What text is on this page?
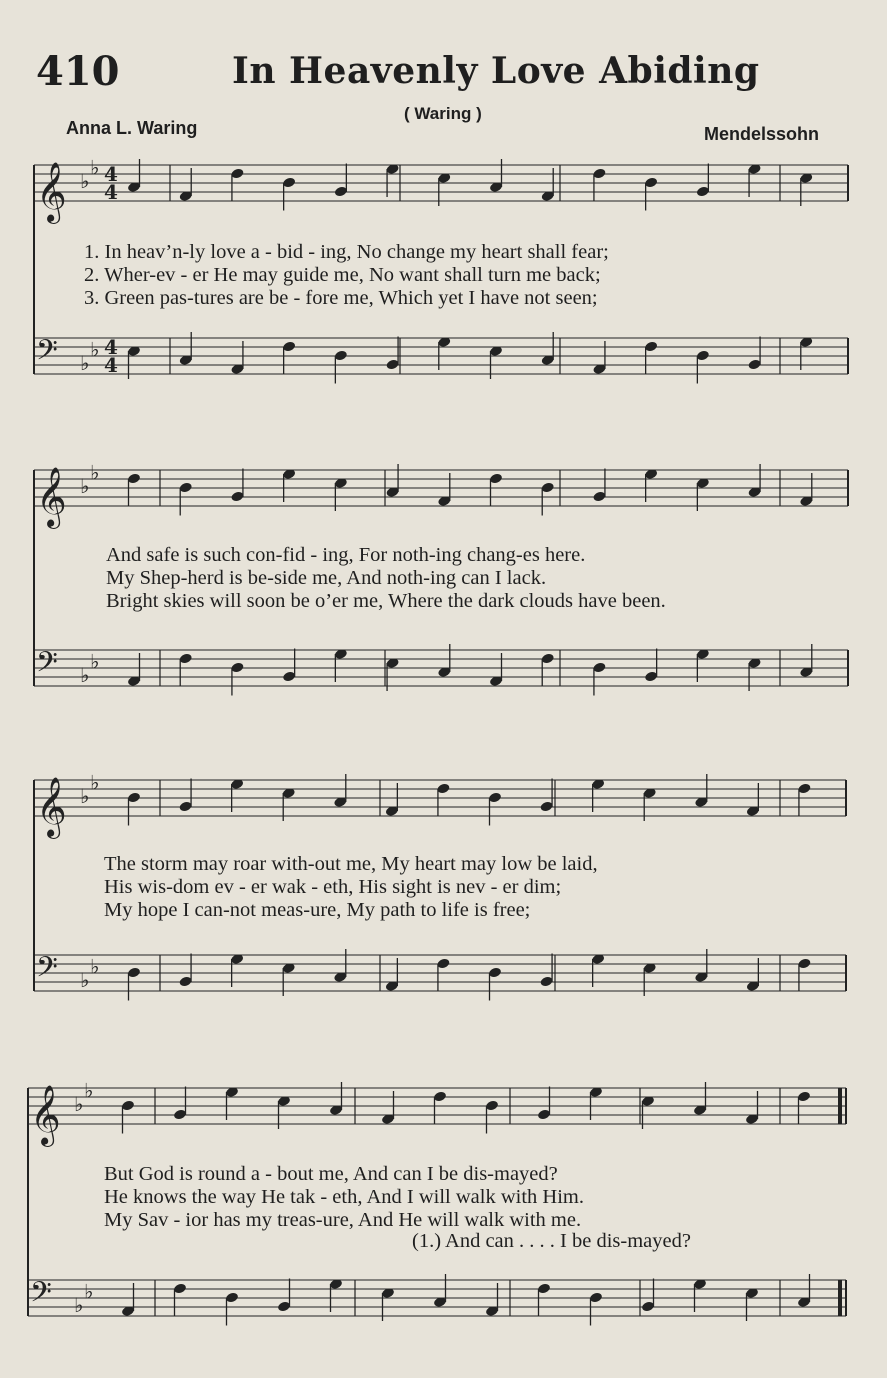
410	In Heavenly Love Abiding
( Waring )
Anna L. Waring	Mendelssohn
𝄞 ♭
♭
𝄢 ♭
♭
𝄞 ♭
♭
𝄢 ♭
♭
𝄞 ♭
♭
𝄢 ♭
♭
𝄞 ♭
♭
𝄢 ♭
♭
4
4
4
4
1. In heav’n-ly love a - bid - ing, No change my heart shall fear;
2. Wher-ev - er He may guide me, No want shall turn me back;
3. Green pas-tures are be - fore me, Which yet I have not seen;
And safe is such con-fid - ing, For noth-ing chang-es here.
My Shep-herd is be-side me, And noth-ing can I lack.
Bright skies will soon be o’er me, Where the dark clouds have been.
The storm may roar with-out me, My heart may low be laid,
His wis-dom ev - er wak - eth, His sight is nev - er dim;
My hope I can-not meas-ure, My path to life is free;
But God is round a - bout me, And can I be dis-mayed?
He knows the way He tak - eth, And I will walk with Him.
My Sav - ior has my treas-ure, And He will walk with me.
(1.) And can . . . . I be dis-mayed?
